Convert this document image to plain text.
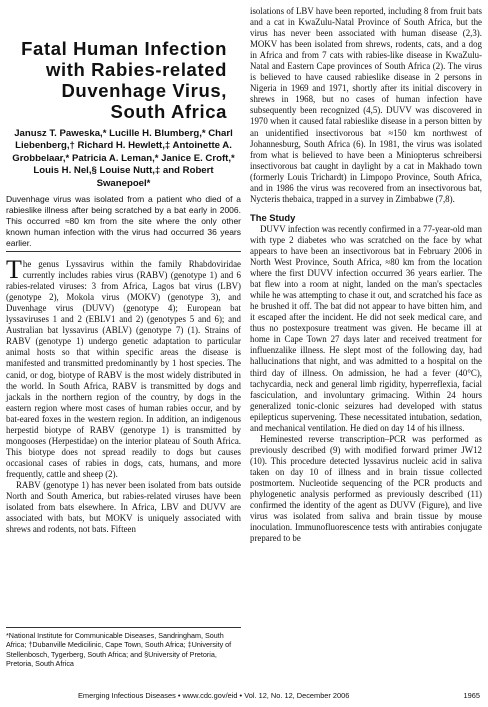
Fatal Human Infection with Rabies-related Duvenhage Virus, South Africa
Janusz T. Paweska,* Lucille H. Blumberg,* Charl Liebenberg,† Richard H. Hewlett,‡ Antoinette A. Grobbelaar,* Patricia A. Leman,* Janice E. Croft,* Louis H. Nel,§ Louise Nutt,‡ and Robert Swanepoel*
Duvenhage virus was isolated from a patient who died of a rabieslike illness after being scratched by a bat early in 2006. This occurred ≈80 km from the site where the only other known human infection with the virus had occurred 36 years earlier.

The genus Lyssavirus within the family Rhabdoviridae currently includes rabies virus (RABV) (genotype 1) and 6 rabies-related viruses: 3 from Africa, Lagos bat virus (LBV) (genotype 2), Mokola virus (MOKV) (genotype 3), and Duvenhage virus (DUVV) (genotype 4); European bat lyssaviruses 1 and 2 (EBLV1 and 2) (genotypes 5 and 6); and Australian bat lyssavirus (ABLV) (genotype 7) (1). Strains of RABV (genotype 1) undergo genetic adaptation to particular animal hosts so that within specific areas the disease is manifested and transmitted predominantly by 1 host species. The canid, or dog, biotype of RABV is the most widely distributed in the world. In South Africa, RABV is transmitted by dogs and jackals in the northern region of the country, by dogs in the eastern region where most cases of human rabies occur, and by bat-eared foxes in the western region. In addition, an indigenous herpestid biotype of RABV (genotype 1) is transmitted by mongooses (Herpestidae) on the interior plateau of South Africa. This biotype does not spread readily to dogs but causes occasional cases of rabies in dogs, cats, humans, and more frequently, cattle and sheep (2).

RABV (genotype 1) has never been isolated from bats outside North and South America, but rabies-related viruses have been isolated from bats elsewhere. In Africa, LBV and DUVV are associated with bats, but MOKV is uniquely associated with shrews and rodents, not bats. Fifteen

isolations of LBV have been reported, including 8 from fruit bats and a cat in KwaZulu-Natal Province of South Africa, but the virus has never been associated with human disease (2,3). MOKV has been isolated from shrews, rodents, cats, and a dog in Africa and from 7 cats with rabies-like disease in KwaZulu-Natal and Eastern Cape provinces of South Africa (2). The virus is believed to have caused rabieslike disease in 2 persons in Nigeria in 1969 and 1971, shortly after its initial discovery in shrews in 1968, but no cases of human infection have subsequently been recognized (4,5). DUVV was discovered in 1970 when it caused fatal rabieslike disease in a person bitten by an unidentified insectivorous bat ≈150 km northwest of Johannesburg, South Africa (6). In 1981, the virus was isolated from what is believed to have been a Miniopterus schreibersi insectivorous bat caught in daylight by a cat in Makhado town (formerly Louis Trichardt) in Limpopo Province, South Africa, and in 1986 the virus was recovered from an insectivorous bat, Nycteris thebaica, trapped in a survey in Zimbabwe (7,8).

The Study

DUVV infection was recently confirmed in a 77-year-old man with type 2 diabetes who was scratched on the face by what appears to have been an insectivorous bat in February 2006 in North West Province, South Africa, ≈80 km from the location where the first DUVV infection occurred 36 years earlier. The bat flew into a room at night, landed on the man's spectacles while he was attempting to chase it out, and scratched his face as he brushed it off. The bat did not appear to have bitten him, and it escaped after the incident. He did not seek medical care, and thus no postexposure treatment was given. He became ill at home in Cape Town 27 days later and received treatment for influenzalike illness. He slept most of the following day, had hallucinations that night, and was admitted to a hospital on the third day of illness. On admission, he had a fever (40°C), tachycardia, neck and general limb rigidity, hyperreflexia, facial fasciculation, and involuntary grimacing. Within 24 hours generalized tonic-clonic seizures had developed with status epilepticus supervening. These necessitated intubation, sedation, and mechanical ventilation. He died on day 14 of his illness.

Heminested reverse transcription–PCR was performed as previously described (9) with modified forward primer JW12 (10). This procedure detected lyssavirus nucleic acid in saliva taken on day 10 of illness and in brain tissue collected postmortem. Nucleotide sequencing of the PCR products and phylogenetic analysis performed as previously described (11) confirmed the identity of the agent as DUVV (Figure), and live virus was isolated from saliva and brain tissue by mouse inoculation. Immunofluorescence tests with antirabies conjugate prepared to be

*National Institute for Communicable Diseases, Sandringham, South Africa; †Dubanville Medicilinic, Cape Town, South Africa; ‡University of Stellenbosch, Tygerberg, South Africa; and §University of Pretoria, Pretoria, South Africa
Emerging Infectious Diseases • www.cdc.gov/eid • Vol. 12, No. 12, December 2006	1965
